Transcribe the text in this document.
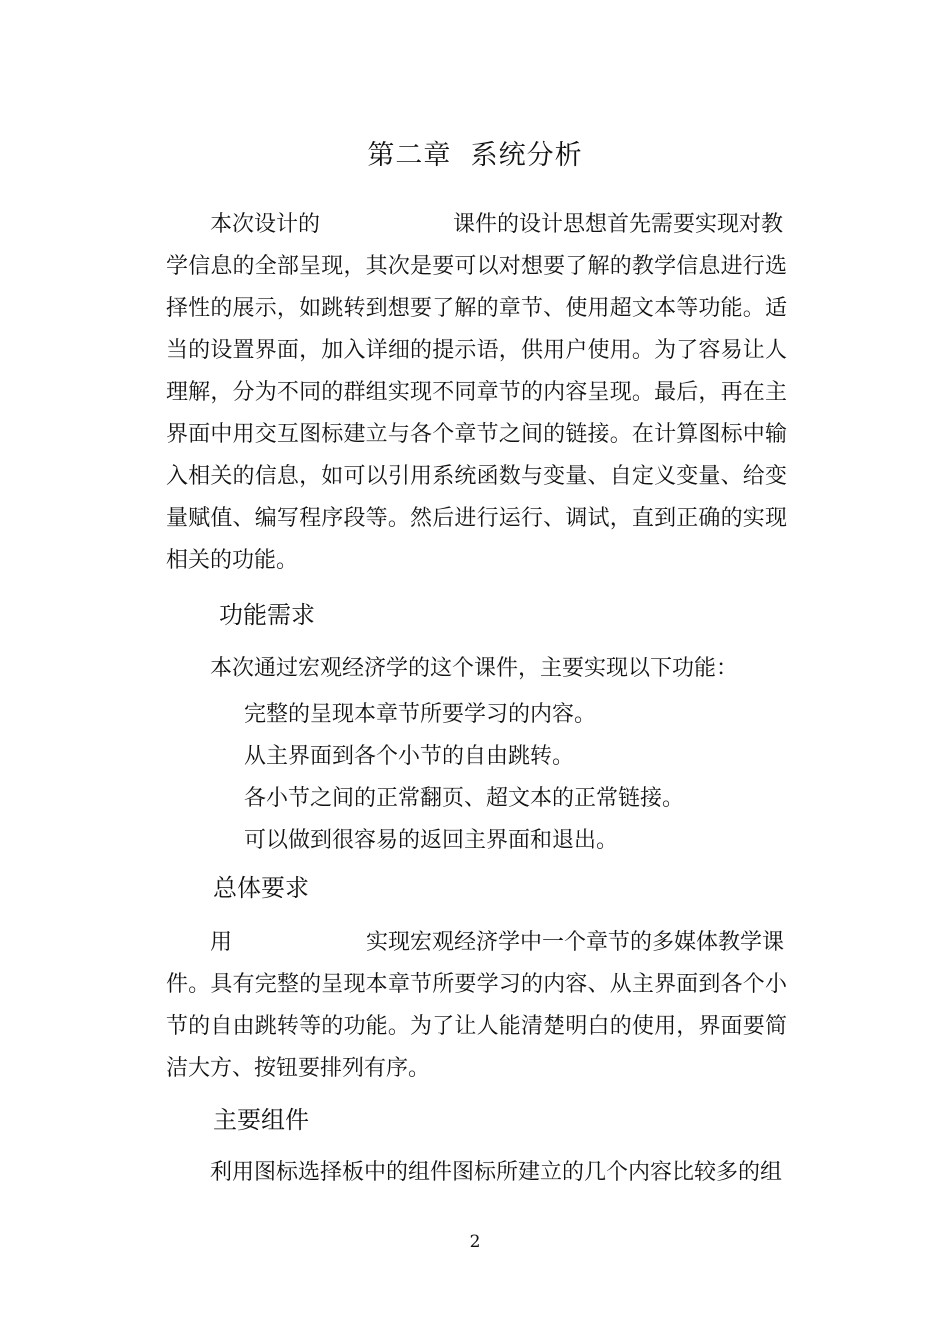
第二章  系统分析
本次设计的	课件的设计思想首先需要实现对教
学信息的全部呈现，其次是要可以对想要了解的教学信息进行选
择性的展示，如跳转到想要了解的章节、使用超文本等功能。适
当的设置界面，加入详细的提示语，供用户使用。为了容易让人
理解，分为不同的群组实现不同章节的内容呈现。最后，再在主
界面中用交互图标建立与各个章节之间的链接。在计算图标中输
入相关的信息，如可以引用系统函数与变量、自定义变量、给变
量赋值、编写程序段等。然后进行运行、调试，直到正确的实现
相关的功能。
功能需求
本次通过宏观经济学的这个课件，主要实现以下功能：
完整的呈现本章节所要学习的内容。
从主界面到各个小节的自由跳转。
各小节之间的正常翻页、超文本的正常链接。
可以做到很容易的返回主界面和退出。
总体要求
用	实现宏观经济学中一个章节的多媒体教学课
件。具有完整的呈现本章节所要学习的内容、从主界面到各个小
节的自由跳转等的功能。为了让人能清楚明白的使用，界面要简
洁大方、按钮要排列有序。
主要组件
利用图标选择板中的组件图标所建立的几个内容比较多的组
2
